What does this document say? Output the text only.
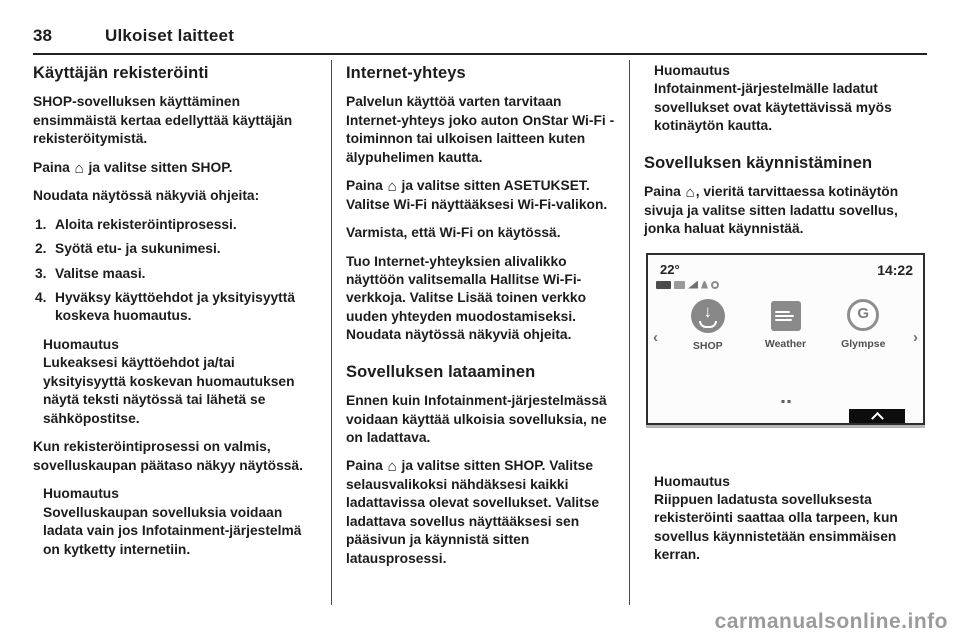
38	Ulkoiset laitteet
Käyttäjän rekisteröinti

SHOP-sovelluksen käyttäminen ensimmäistä kertaa edellyttää käyttäjän rekisteröitymistä.

Paina ⌂ ja valitse sitten SHOP.

Noudata näytössä näkyviä ohjeita:

1. Aloita rekisteröintiprosessi.
2. Syötä etu- ja sukunimesi.
3. Valitse maasi.
4. Hyväksy käyttöehdot ja yksityisyyttä koskeva huomautus.
Huomautus
Lukeaksesi käyttöehdot ja/tai yksityisyyttä koskevan huomautuksen näytä teksti näytössä tai lähetä se sähköpostitse.

Kun rekisteröintiprosessi on valmis, sovelluskaupan päätaso näkyy näytössä.

Huomautus
Sovelluskaupan sovelluksia voidaan ladata vain jos Infotainment-järjestelmä on kytketty internetiin.
Internet-yhteys

Palvelun käyttöä varten tarvitaan Internet-yhteys joko auton OnStar Wi-Fi -toiminnon tai ulkoisen laitteen kuten älypuhelimen kautta.

Paina ⌂ ja valitse sitten ASETUKSET. Valitse Wi-Fi näyttääksesi Wi-Fi-valikon.

Varmista, että Wi-Fi on käytössä.

Tuo Internet-yhteyksien alivalikko näyttöön valitsemalla Hallitse Wi-Fi-verkkoja. Valitse Lisää toinen verkko uuden yhteyden muodostamiseksi. Noudata näytössä näkyviä ohjeita.

Sovelluksen lataaminen

Ennen kuin Infotainment-järjestelmässä voidaan käyttää ulkoisia sovelluksia, ne on ladattava.

Paina ⌂ ja valitse sitten SHOP. Valitse selausvalikoksi nähdäksesi kaikki ladattavissa olevat sovellukset. Valitse ladattava sovellus näyttääksesi sen pääsivun ja käynnistä sitten latausprosessi.

Huomautus
Infotainment-järjestelmälle ladatut sovellukset ovat käytettävissä myös kotinäytön kautta.
Sovelluksen käynnistäminen

Paina ⌂, vieritä tarvittaessa kotinäytön sivuja ja valitse sitten ladattu sovellus, jonka haluat käynnistää.

22°	14:22
↓
SHOP	Weather
G
Glympse
‹	›
Huomautus
Riippuen ladatusta sovelluksesta rekisteröinti saattaa olla tarpeen, kun sovellus käynnistetään ensimmäisen kerran.
carmanualsonline.info
